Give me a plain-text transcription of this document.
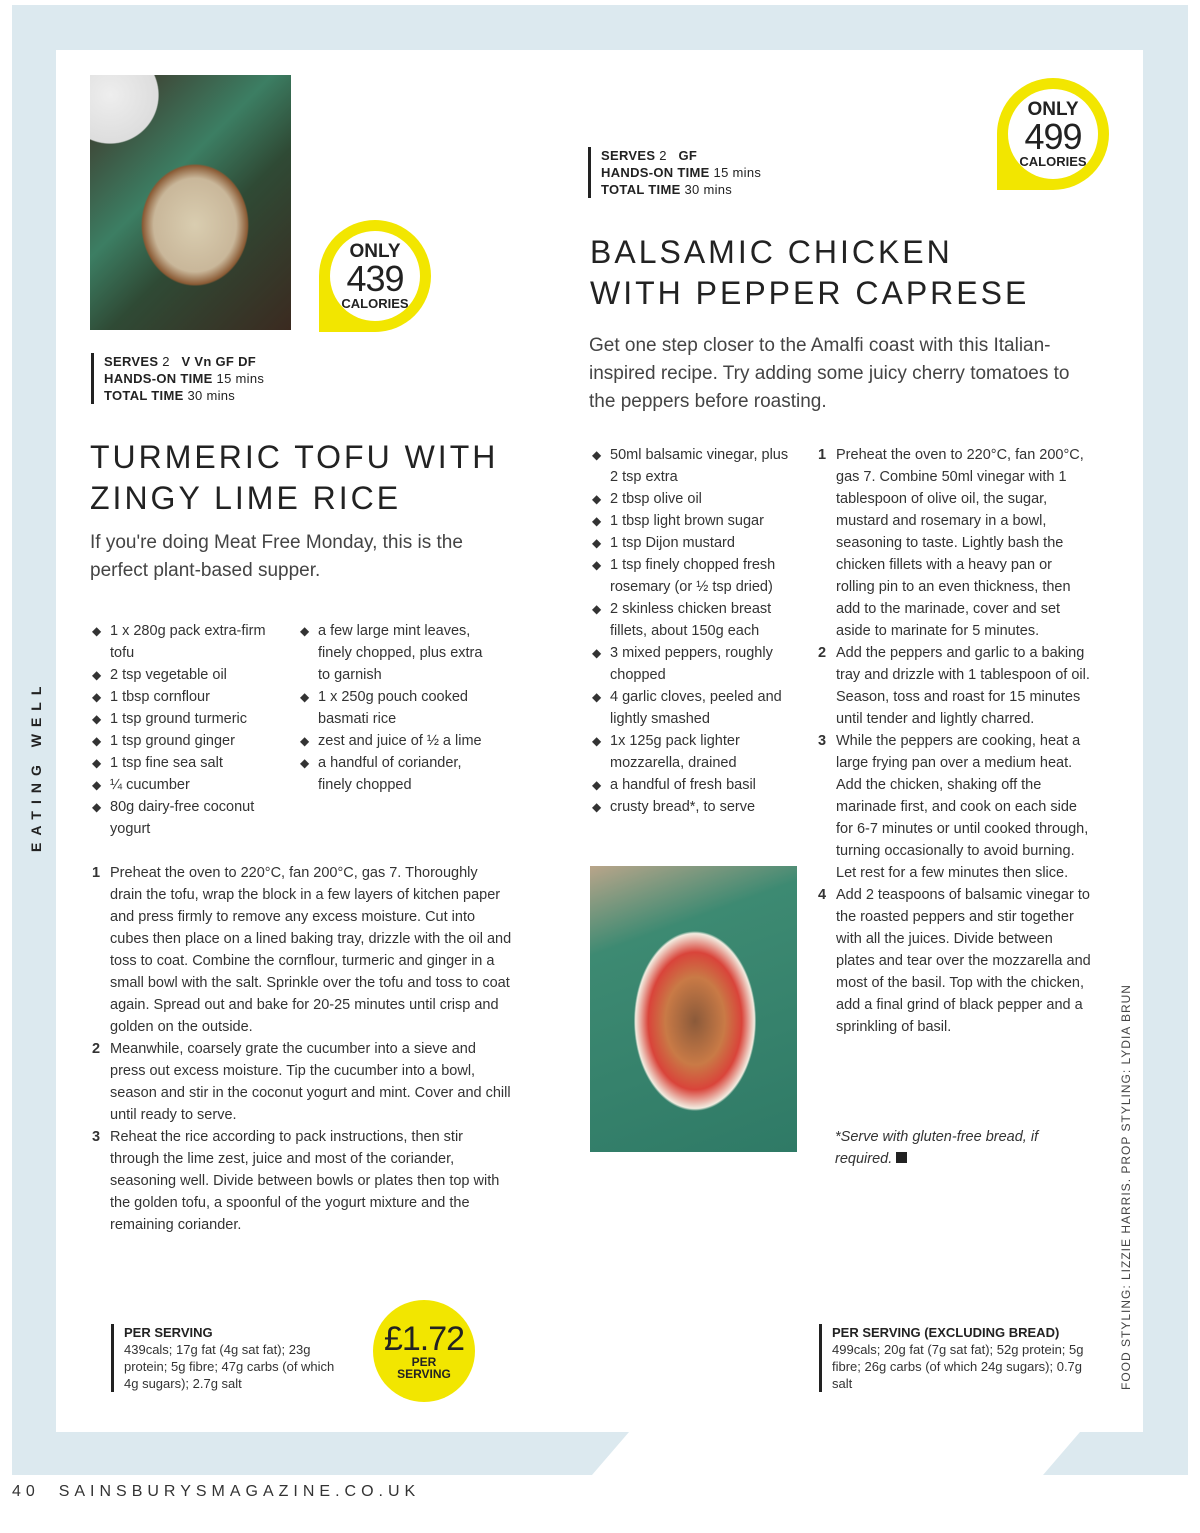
EATING WELL
FOOD STYLING: LIZZIE HARRIS. PROP STYLING: LYDIA BRUN
ONLY
439
CALORIES
SERVES 2 V Vn GF DF
HANDS-ON TIME 15 mins
TOTAL TIME 30 mins
TURMERIC TOFU WITH
ZINGY LIME RICE

If you're doing Meat Free Monday, this is the perfect plant-based supper.

◆ 1 x 280g pack extra-firm tofu
◆ 2 tsp vegetable oil
◆ 1 tbsp cornflour
◆ 1 tsp ground turmeric
◆ 1 tsp ground ginger
◆ 1 tsp fine sea salt
◆ ¼ cucumber
◆ 80g dairy-free coconut yogurt
◆ a few large mint leaves, finely chopped, plus extra to garnish
◆ 1 x 250g pouch cooked basmati rice
◆ zest and juice of ½ a lime
◆ a handful of coriander, finely chopped
1 Preheat the oven to 220°C, fan 200°C, gas 7. Thoroughly drain the tofu, wrap the block in a few layers of kitchen paper and press firmly to remove any excess moisture. Cut into cubes then place on a lined baking tray, drizzle with the oil and toss to coat. Combine the cornflour, turmeric and ginger in a small bowl with the salt. Sprinkle over the tofu and toss to coat again. Spread out and bake for 20-25 minutes until crisp and golden on the outside.
2 Meanwhile, coarsely grate the cucumber into a sieve and press out excess moisture. Tip the cucumber into a bowl, season and stir in the coconut yogurt and mint. Cover and chill until ready to serve.
3 Reheat the rice according to pack instructions, then stir through the lime zest, juice and most of the coriander, seasoning well. Divide between bowls or plates then top with the golden tofu, a spoonful of the yogurt mixture and the remaining coriander.
PER SERVING
439cals; 17g fat (4g sat fat); 23g protein; 5g fibre; 47g carbs (of which 4g sugars); 2.7g salt
£1.72
PER SERVING
ONLY
499
CALORIES
SERVES 2 GF
HANDS-ON TIME 15 mins
TOTAL TIME 30 mins
BALSAMIC CHICKEN
WITH PEPPER CAPRESE

Get one step closer to the Amalfi coast with this Italian-inspired recipe. Try adding some juicy cherry tomatoes to the peppers before roasting.

◆ 50ml balsamic vinegar, plus 2 tsp extra
◆ 2 tbsp olive oil
◆ 1 tbsp light brown sugar
◆ 1 tsp Dijon mustard
◆ 1 tsp finely chopped fresh rosemary (or ½ tsp dried)
◆ 2 skinless chicken breast fillets, about 150g each
◆ 3 mixed peppers, roughly chopped
◆ 4 garlic cloves, peeled and lightly smashed
◆ 1x 125g pack lighter mozzarella, drained
◆ a handful of fresh basil
◆ crusty bread*, to serve
1 Preheat the oven to 220°C, fan 200°C, gas 7. Combine 50ml vinegar with 1 tablespoon of olive oil, the sugar, mustard and rosemary in a bowl, seasoning to taste. Lightly bash the chicken fillets with a heavy pan or rolling pin to an even thickness, then add to the marinade, cover and set aside to marinate for 5 minutes.
2 Add the peppers and garlic to a baking tray and drizzle with 1 tablespoon of oil. Season, toss and roast for 15 minutes until tender and lightly charred.
3 While the peppers are cooking, heat a large frying pan over a medium heat. Add the chicken, shaking off the marinade first, and cook on each side for 6-7 minutes or until cooked through, turning occasionally to avoid burning. Let rest for a few minutes then slice.
4 Add 2 teaspoons of balsamic vinegar to the roasted peppers and stir together with all the juices. Divide between plates and tear over the mozzarella and most of the basil. Top with the chicken, add a final grind of black pepper and a sprinkling of basil.
*Serve with gluten-free bread, if required.
PER SERVING (EXCLUDING BREAD)
499cals; 20g fat (7g sat fat); 52g protein; 5g fibre; 26g carbs (of which 24g sugars); 0.7g salt
40 SAINSBURYSMAGAZINE.CO.UK
